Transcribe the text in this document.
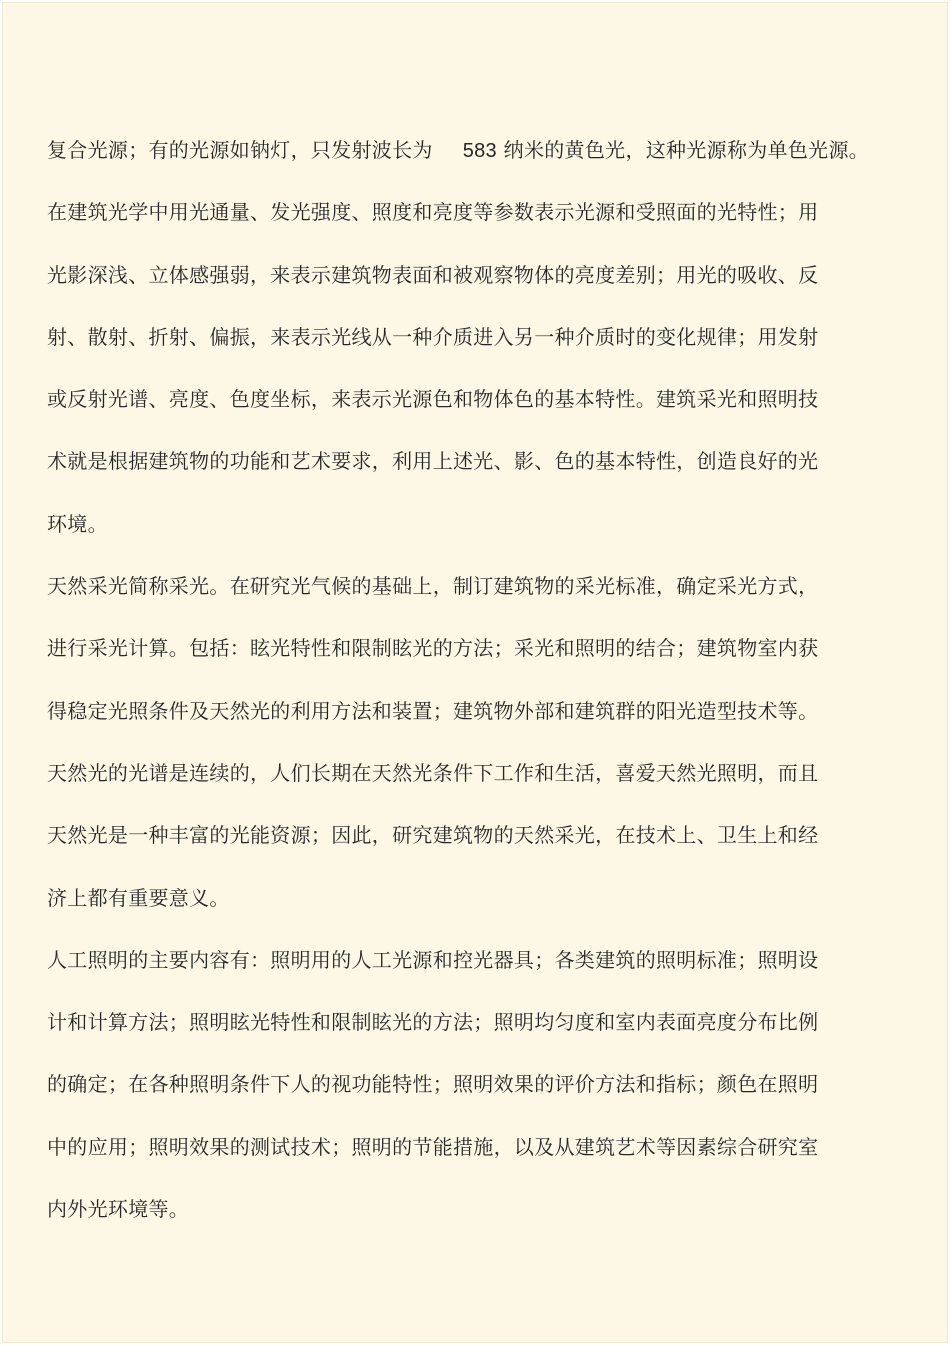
复合光源；有的光源如钠灯，只发射波长为 583 纳米的黄色光，这种光源称为单色光源。
在建筑光学中用光通量、发光强度、照度和亮度等参数表示光源和受照面的光特性；用
光影深浅、立体感强弱，来表示建筑物表面和被观察物体的亮度差别；用光的吸收、反
射、散射、折射、偏振，来表示光线从一种介质进入另一种介质时的变化规律；用发射
或反射光谱、亮度、色度坐标，来表示光源色和物体色的基本特性。建筑采光和照明技
术就是根据建筑物的功能和艺术要求，利用上述光、影、色的基本特性，创造良好的光
环境。
天然采光简称采光。在研究光气候的基础上，制订建筑物的采光标准，确定采光方式，
进行采光计算。包括：眩光特性和限制眩光的方法；采光和照明的结合；建筑物室内获
得稳定光照条件及天然光的利用方法和装置；建筑物外部和建筑群的阳光造型技术等。
天然光的光谱是连续的，人们长期在天然光条件下工作和生活，喜爱天然光照明，而且
天然光是一种丰富的光能资源；因此，研究建筑物的天然采光，在技术上、卫生上和经
济上都有重要意义。
人工照明的主要内容有：照明用的人工光源和控光器具；各类建筑的照明标准；照明设
计和计算方法；照明眩光特性和限制眩光的方法；照明均匀度和室内表面亮度分布比例
的确定；在各种照明条件下人的视功能特性；照明效果的评价方法和指标；颜色在照明
中的应用；照明效果的测试技术；照明的节能措施，以及从建筑艺术等因素综合研究室
内外光环境等。
